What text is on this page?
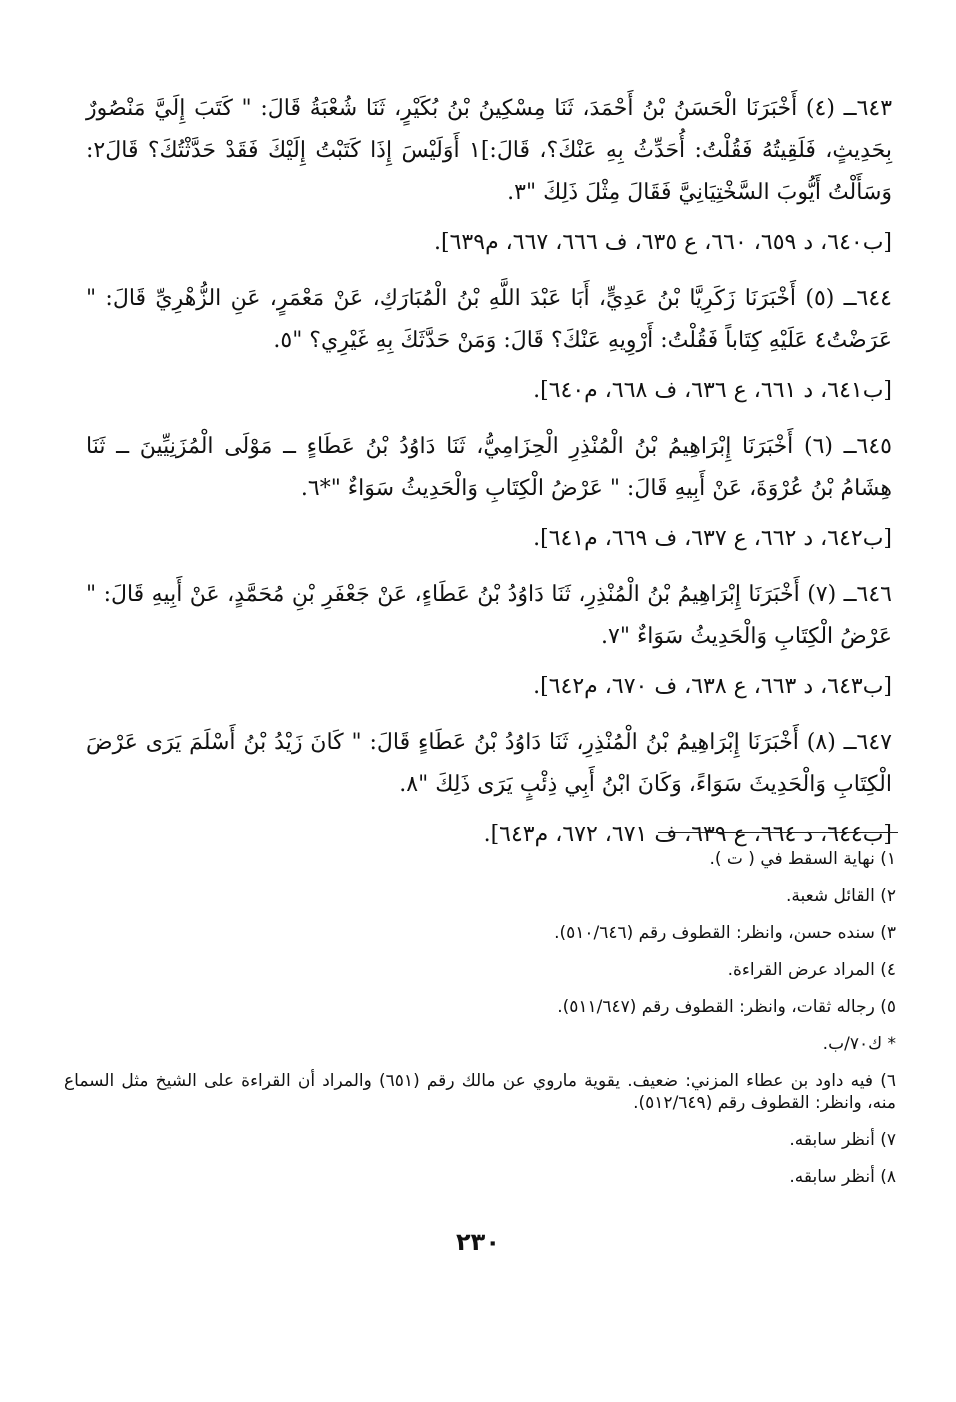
٦٤٣ــ (٤) أَخْبَرَنَا الْحَسَنُ بْنُ أَحْمَدَ، ثَنَا مِسْكِينُ بْنُ بُكَيْرٍ، ثَنَا شُعْبَةُ قَالَ: " كَتَبَ إِلَيَّ مَنْصُورٌ بِحَدِيثٍ، فَلَقِيتُهُ فَقُلْتُ: أُحَدِّثُ بِهِ عَنْكَ؟، قَالَ:]١ أَوَلَيْسَ إِذَا كَتَبْتُ إِلَيْكَ فَقَدْ حَدَّثْتُكَ؟ قَالَ٢: وَسَأَلْتُ أَيُّوبَ السَّخْتِيَانِيَّ فَقَالَ مِثْلَ ذَلِكَ "٣.

[ب٦٤٠، د ٦٥٩، ٦٦٠، ع ٦٣٥، ف ٦٦٦، ٦٦٧، م٦٣٩].

٦٤٤ــ (٥) أَخْبَرَنَا زَكَرِيَّا بْنُ عَدِيٍّ، أَبَا عَبْدَ اللَّهِ بْنُ الْمُبَارَكِ، عَنْ مَعْمَرٍ، عَنِ الزُّهْرِيِّ قَالَ: " عَرَضْتُ٤ عَلَيْهِ كِتَاباً فَقُلْتُ: أَرْوِيهِ عَنْكَ؟ قَالَ: وَمَنْ حَدَّثَكَ بِهِ غَيْرِي؟ "٥.

[ب٦٤١، د ٦٦١، ع ٦٣٦، ف ٦٦٨، م٦٤٠].

٦٤٥ــ (٦) أَخْبَرَنَا إِبْرَاهِيمُ بْنُ الْمُنْذِرِ الْحِزَامِيُّ، ثَنَا دَاوُدُ بْنُ عَطَاءٍ ــ مَوْلَى الْمُزَنِيِّينَ ــ ثَنَا هِشَامُ بْنُ عُرْوَةَ، عَنْ أَبِيهِ قَالَ: " عَرْضُ الْكِتَابِ وَالْحَدِيثُ سَوَاءٌ "*٦.

[ب٦٤٢، د ٦٦٢، ع ٦٣٧، ف ٦٦٩، م٦٤١].

٦٤٦ــ (٧) أَخْبَرَنَا إِبْرَاهِيمُ بْنُ الْمُنْذِرِ، ثَنَا دَاوُدُ بْنُ عَطَاءٍ، عَنْ جَعْفَرِ بْنِ مُحَمَّدٍ، عَنْ أَبِيهِ قَالَ: " عَرْضُ الْكِتَابِ وَالْحَدِيثُ سَوَاءٌ "٧.

[ب٦٤٣، د ٦٦٣، ع ٦٣٨، ف ٦٧٠، م٦٤٢].

٦٤٧ــ (٨) أَخْبَرَنَا إِبْرَاهِيمُ بْنُ الْمُنْذِرِ، ثَنَا دَاوُدُ بْنُ عَطَاءٍ قَالَ: " كَانَ زَيْدُ بْنُ أَسْلَمَ يَرَى عَرْضَ الْكِتَابِ وَالْحَدِيثَ سَوَاءً، وَكَانَ ابْنُ أَبِي ذِئْبٍ يَرَى ذَلِكَ "٨.

[ب٦٤٤، د ٦٦٤، ع ٦٣٩، ف ٦٧١، ٦٧٢، م٦٤٣].

١) نهاية السقط في ( ت ).

٢) القائل شعبة.

٣) سنده حسن، وانظر: القطوف رقم (٥١٠/٦٤٦).

٤) المراد عرض القراءة.

٥) رجاله ثقات، وانظر: القطوف رقم (٥١١/٦٤٧).

* ك٧٠/ب.

٦) فيه داود بن عطاء المزني: ضعيف. يقوية ماروي عن مالك رقم (٦٥١) والمراد أن القراءة على الشيخ مثل السماع منه، وانظر: القطوف رقم (٥١٢/٦٤٩).

٧) أنظر سابقه.

٨) أنظر سابقه.

٢٣٠
